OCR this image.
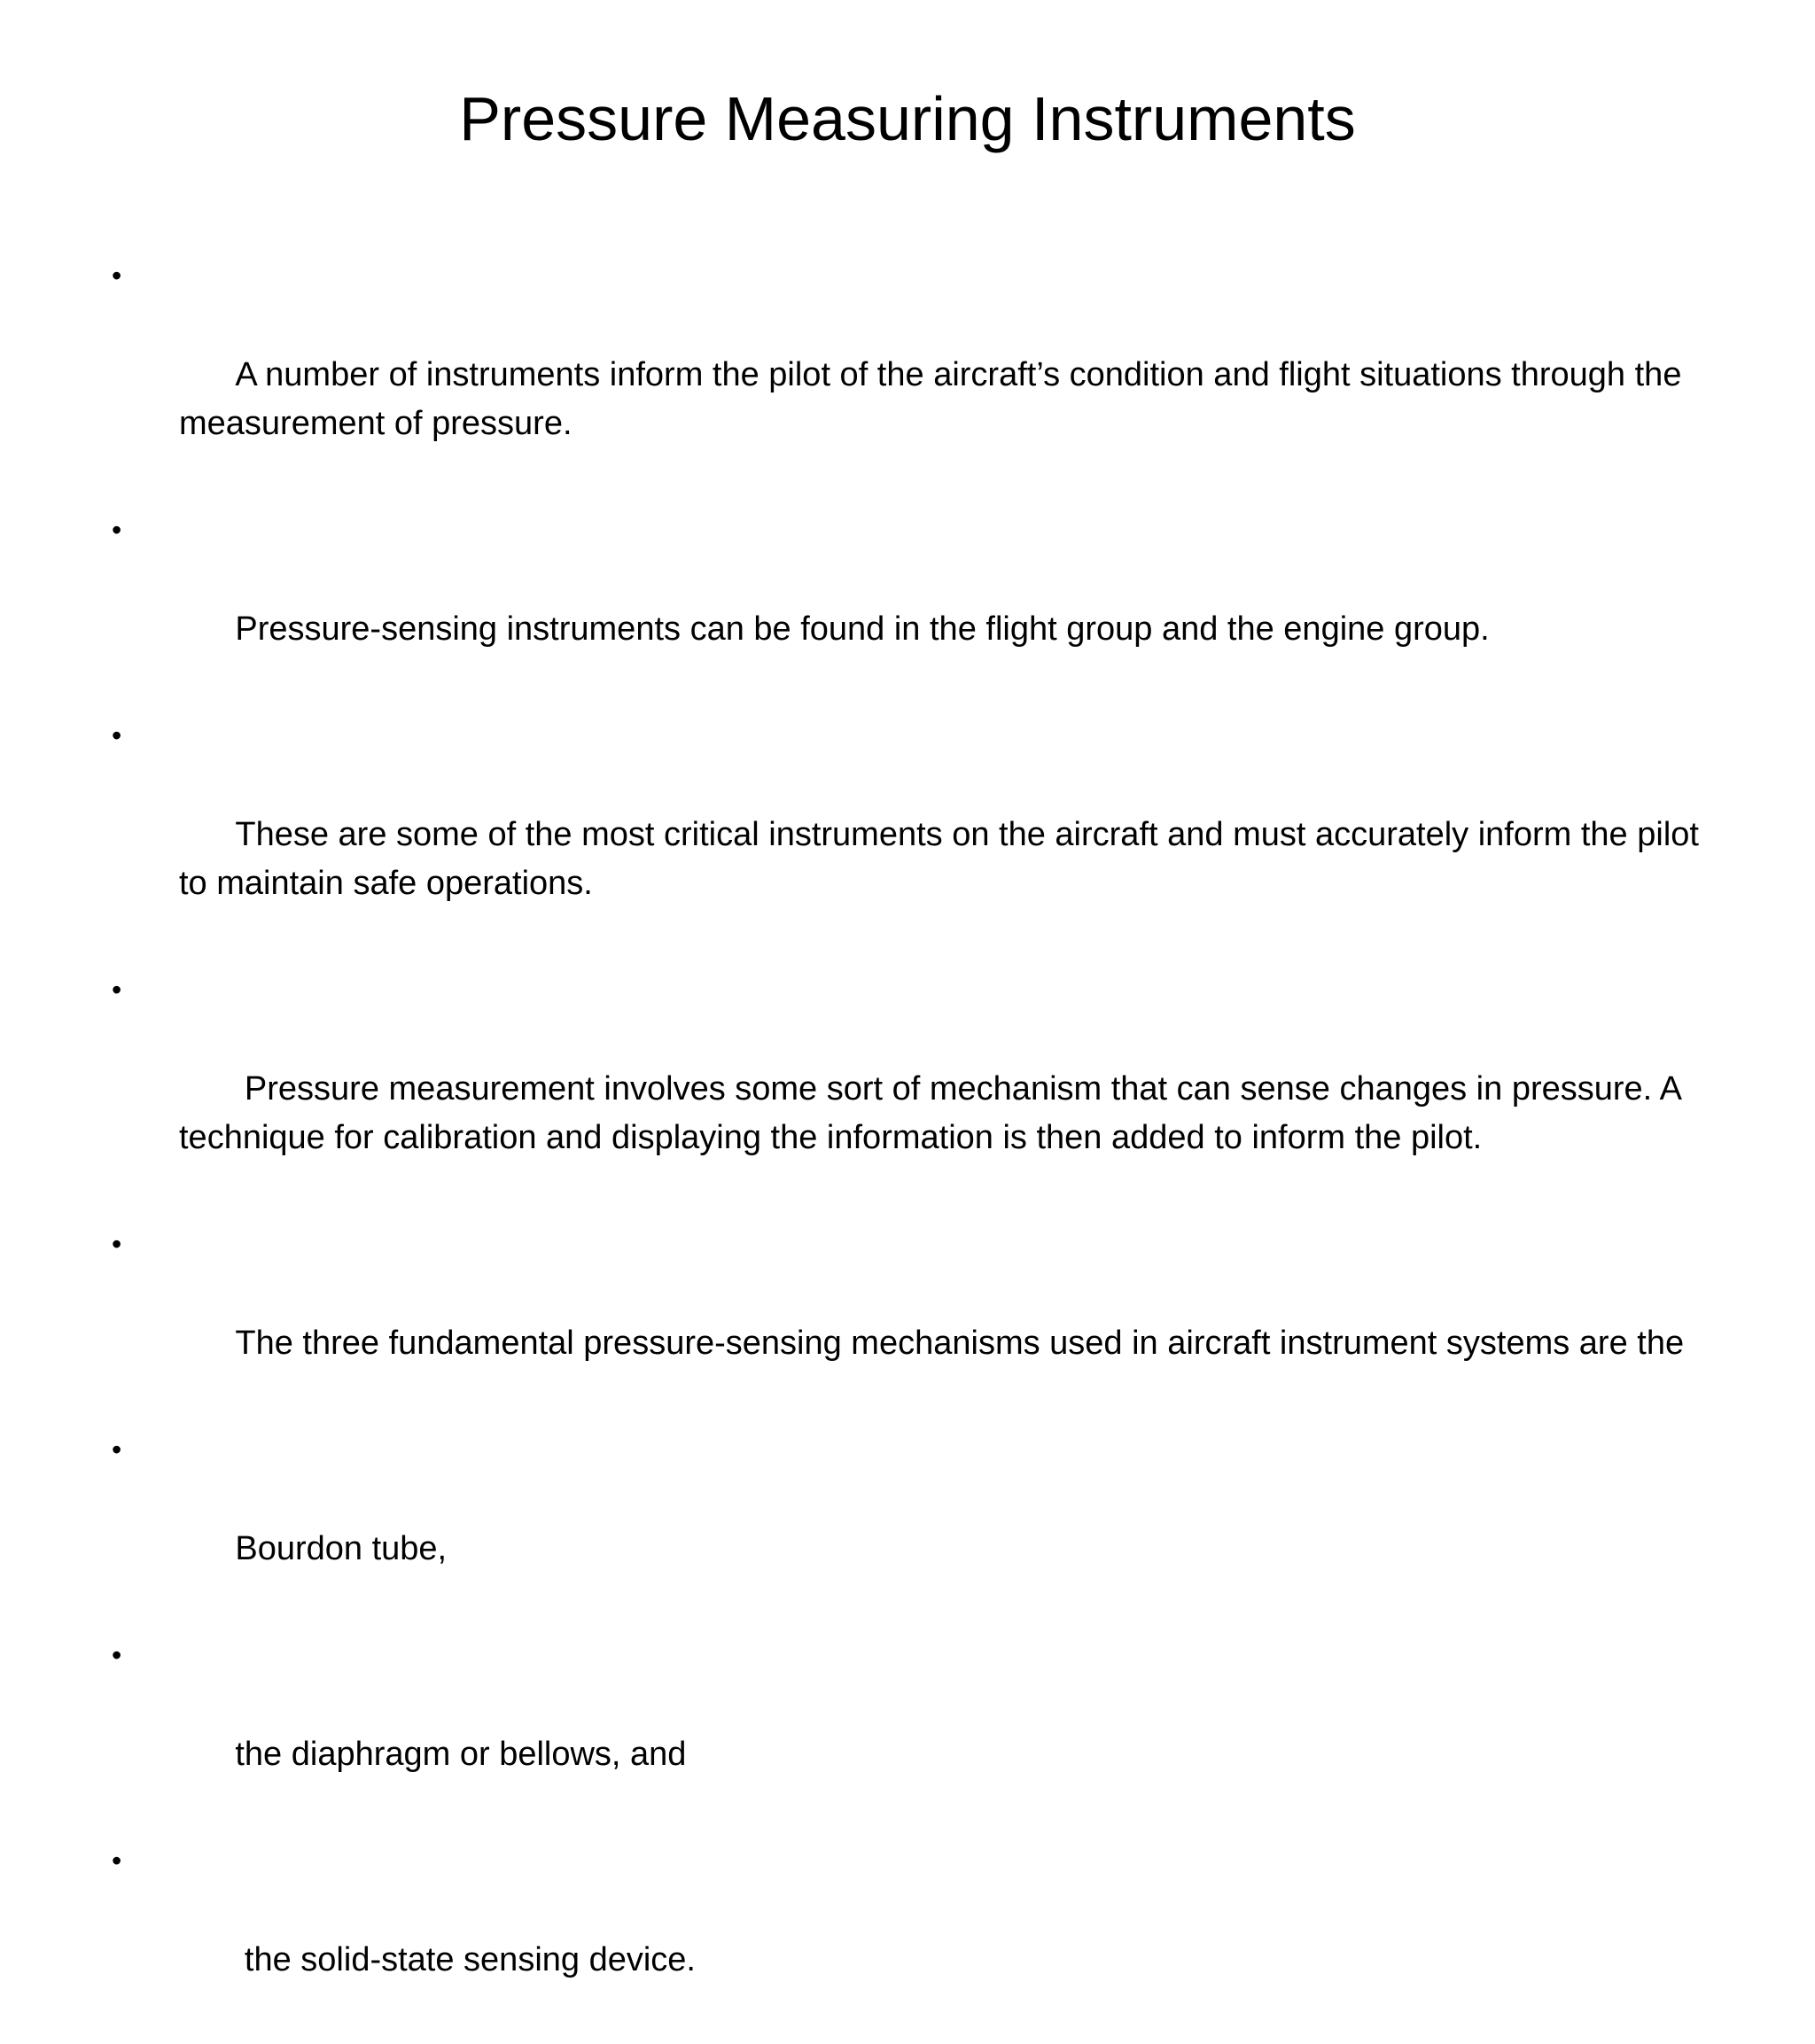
Pressure Measuring Instruments

•

A number of instruments inform the pilot of the aircraft’s condition and flight situations through the measurement of pressure.

•

Pressure-sensing instruments can be found in the flight group and the engine group.

•

These are some of the most critical instruments on the aircraft and must accurately inform the pilot to maintain safe operations.

•

Pressure measurement involves some sort of mechanism that can sense changes in pressure. A technique for calibration and displaying the information is then added to inform the pilot.

•

The three fundamental pressure-sensing mechanisms used in aircraft instrument systems are the

•

Bourdon tube,

•

the diaphragm or bellows, and

•

the solid-state sensing device.
